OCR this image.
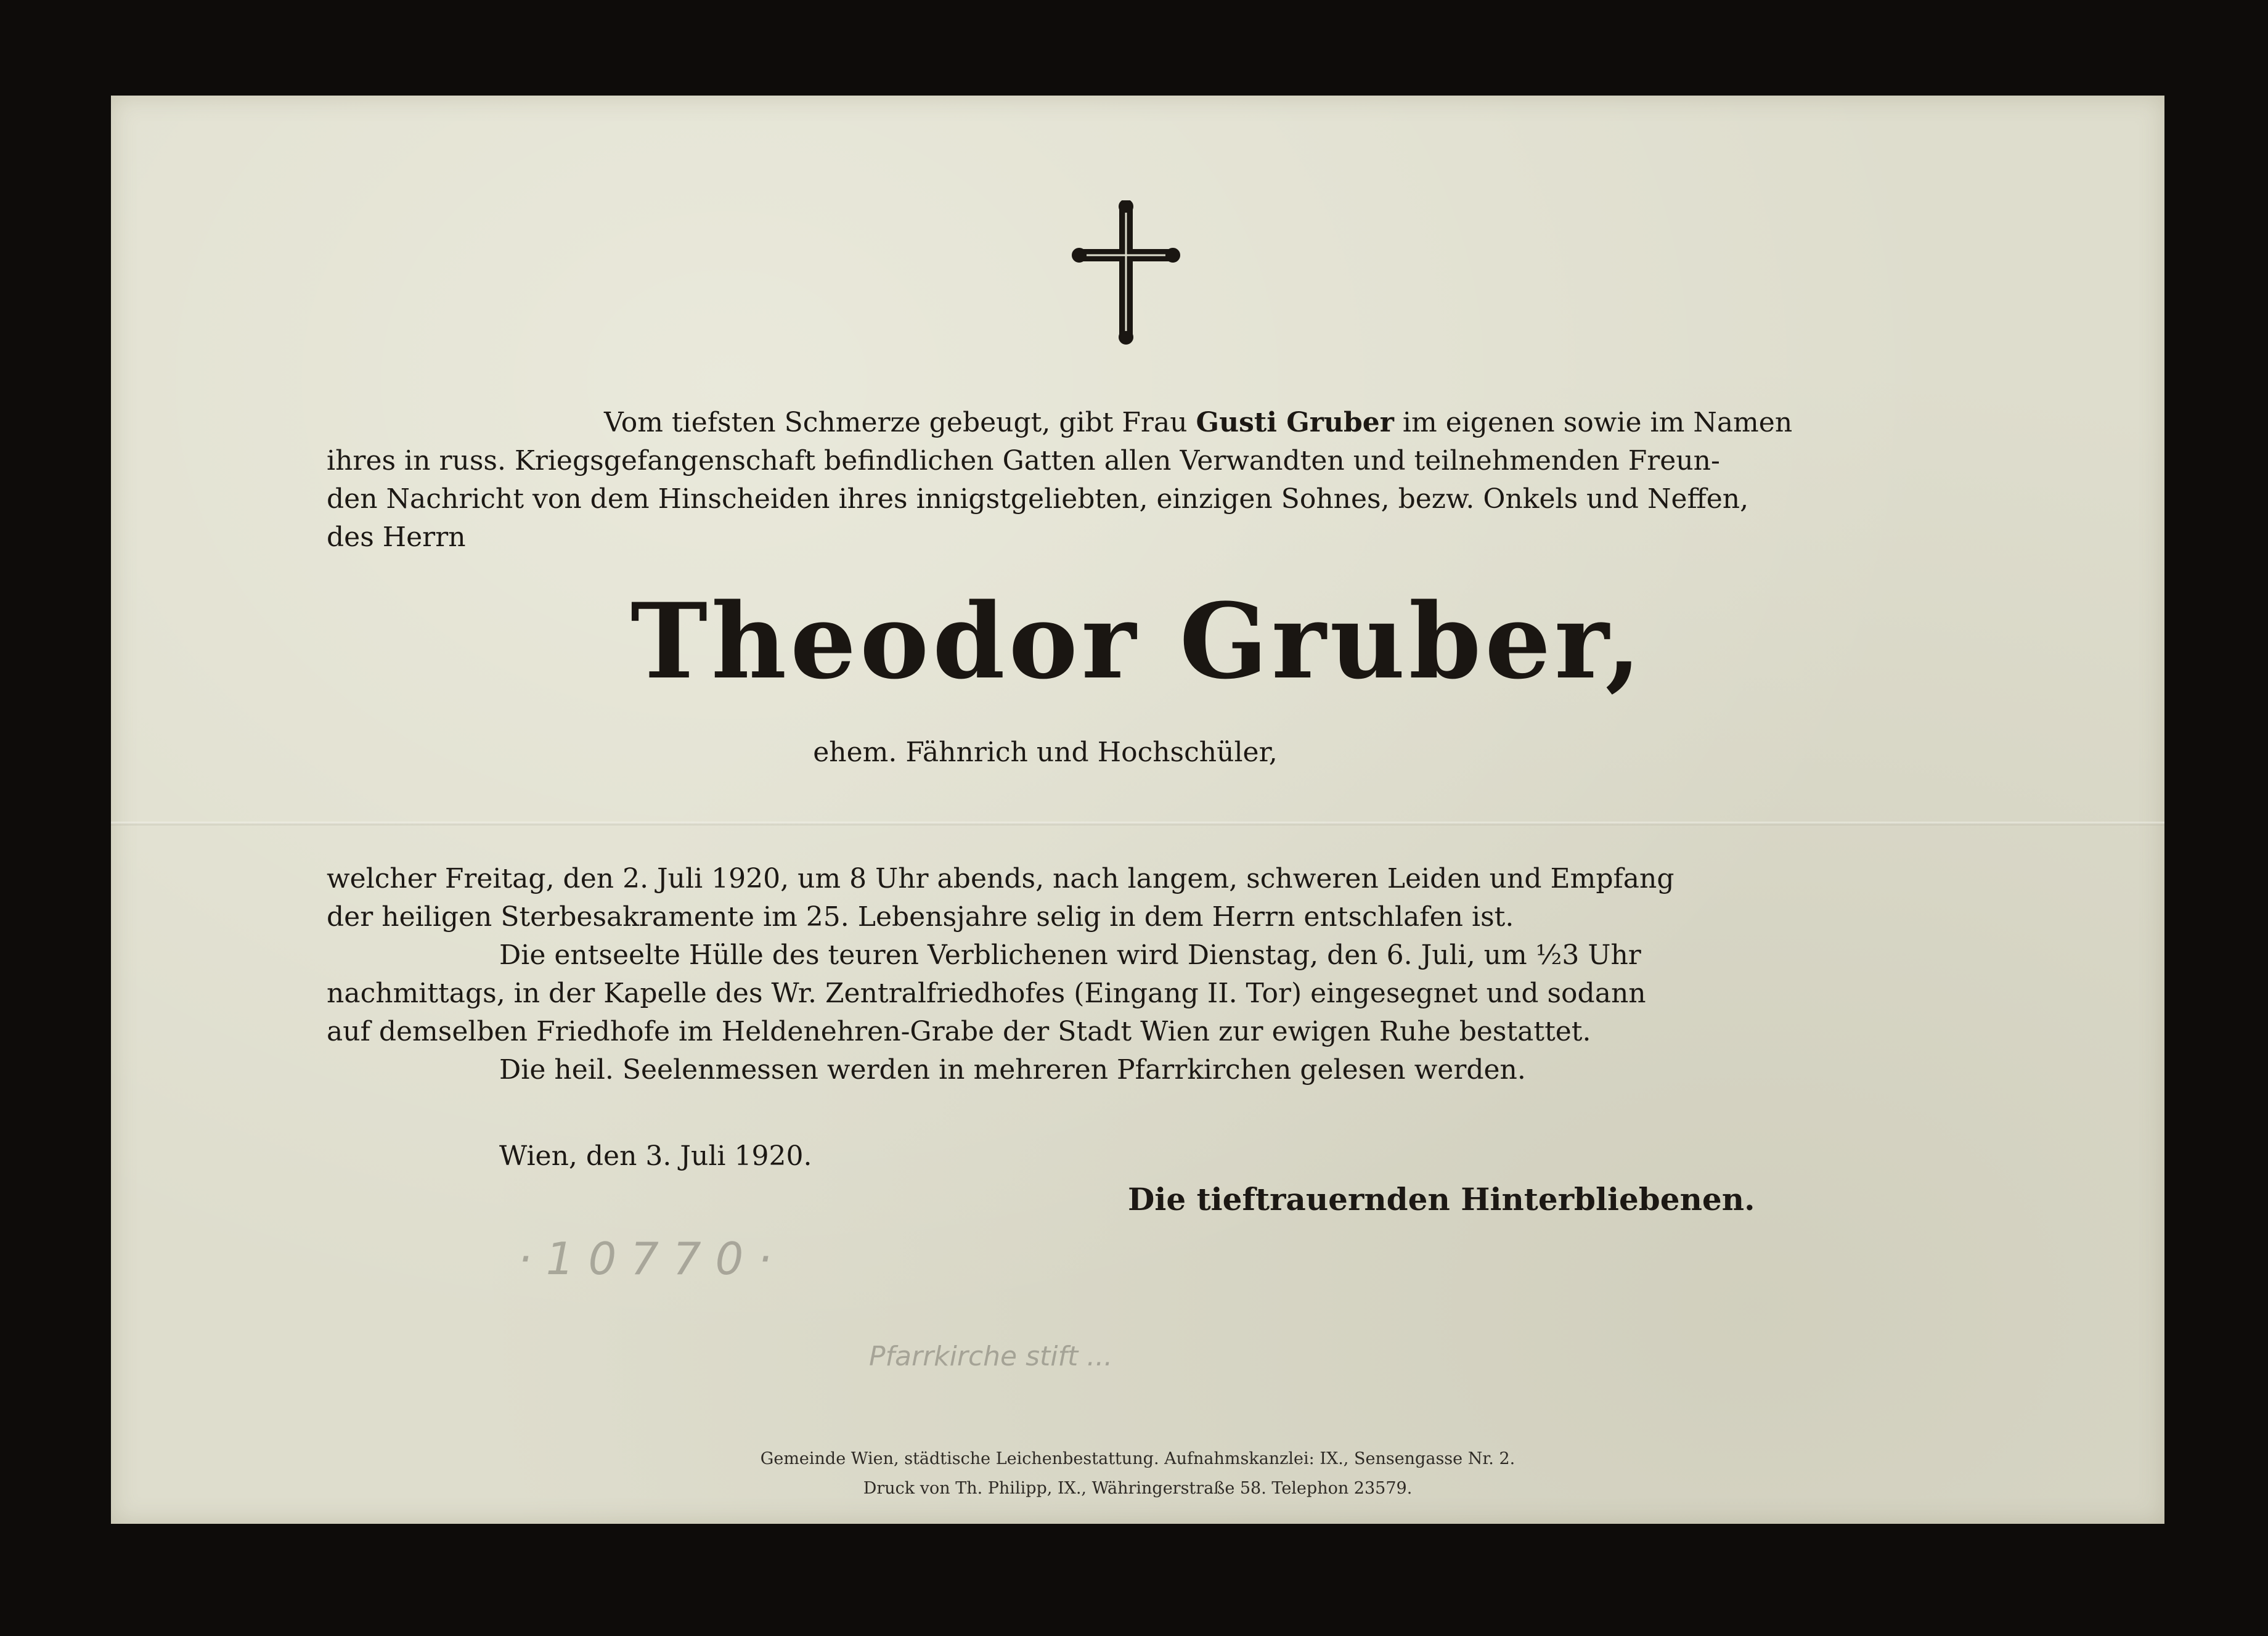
Vom tiefsten Schmerze gebeugt, gibt Frau Gusti Gruber im eigenen sowie im Namen
ihres in russ. Kriegsgefangenschaft befindlichen Gatten allen Verwandten und teilnehmenden Freun-
den Nachricht von dem Hinscheiden ihres innigstgeliebten, einzigen Sohnes, bezw. Onkels und Neffen,
des Herrn
Theodor Gruber,
ehem. Fähnrich und Hochschüler,
welcher Freitag, den 2. Juli 1920, um 8 Uhr abends, nach langem, schweren Leiden und Empfang
der heiligen Sterbesakramente im 25. Lebensjahre selig in dem Herrn entschlafen ist.
Die entseelte Hülle des teuren Verblichenen wird Dienstag, den 6. Juli, um ½3 Uhr
nachmittags, in der Kapelle des Wr. Zentralfriedhofes (Eingang II. Tor) eingesegnet und sodann
auf demselben Friedhofe im Heldenehren-Grabe der Stadt Wien zur ewigen Ruhe bestattet.
Die heil. Seelenmessen werden in mehreren Pfarrkirchen gelesen werden.
Wien, den 3. Juli 1920.
Die tieftrauernden Hinterbliebenen.
· 1 0 7 7 0 ·
Pfarrkirche stift ...
Gemeinde Wien, städtische Leichenbestattung. Aufnahmskanzlei: IX., Sensengasse Nr. 2.
Druck von Th. Philipp, IX., Währingerstraße 58. Telephon 23579.
